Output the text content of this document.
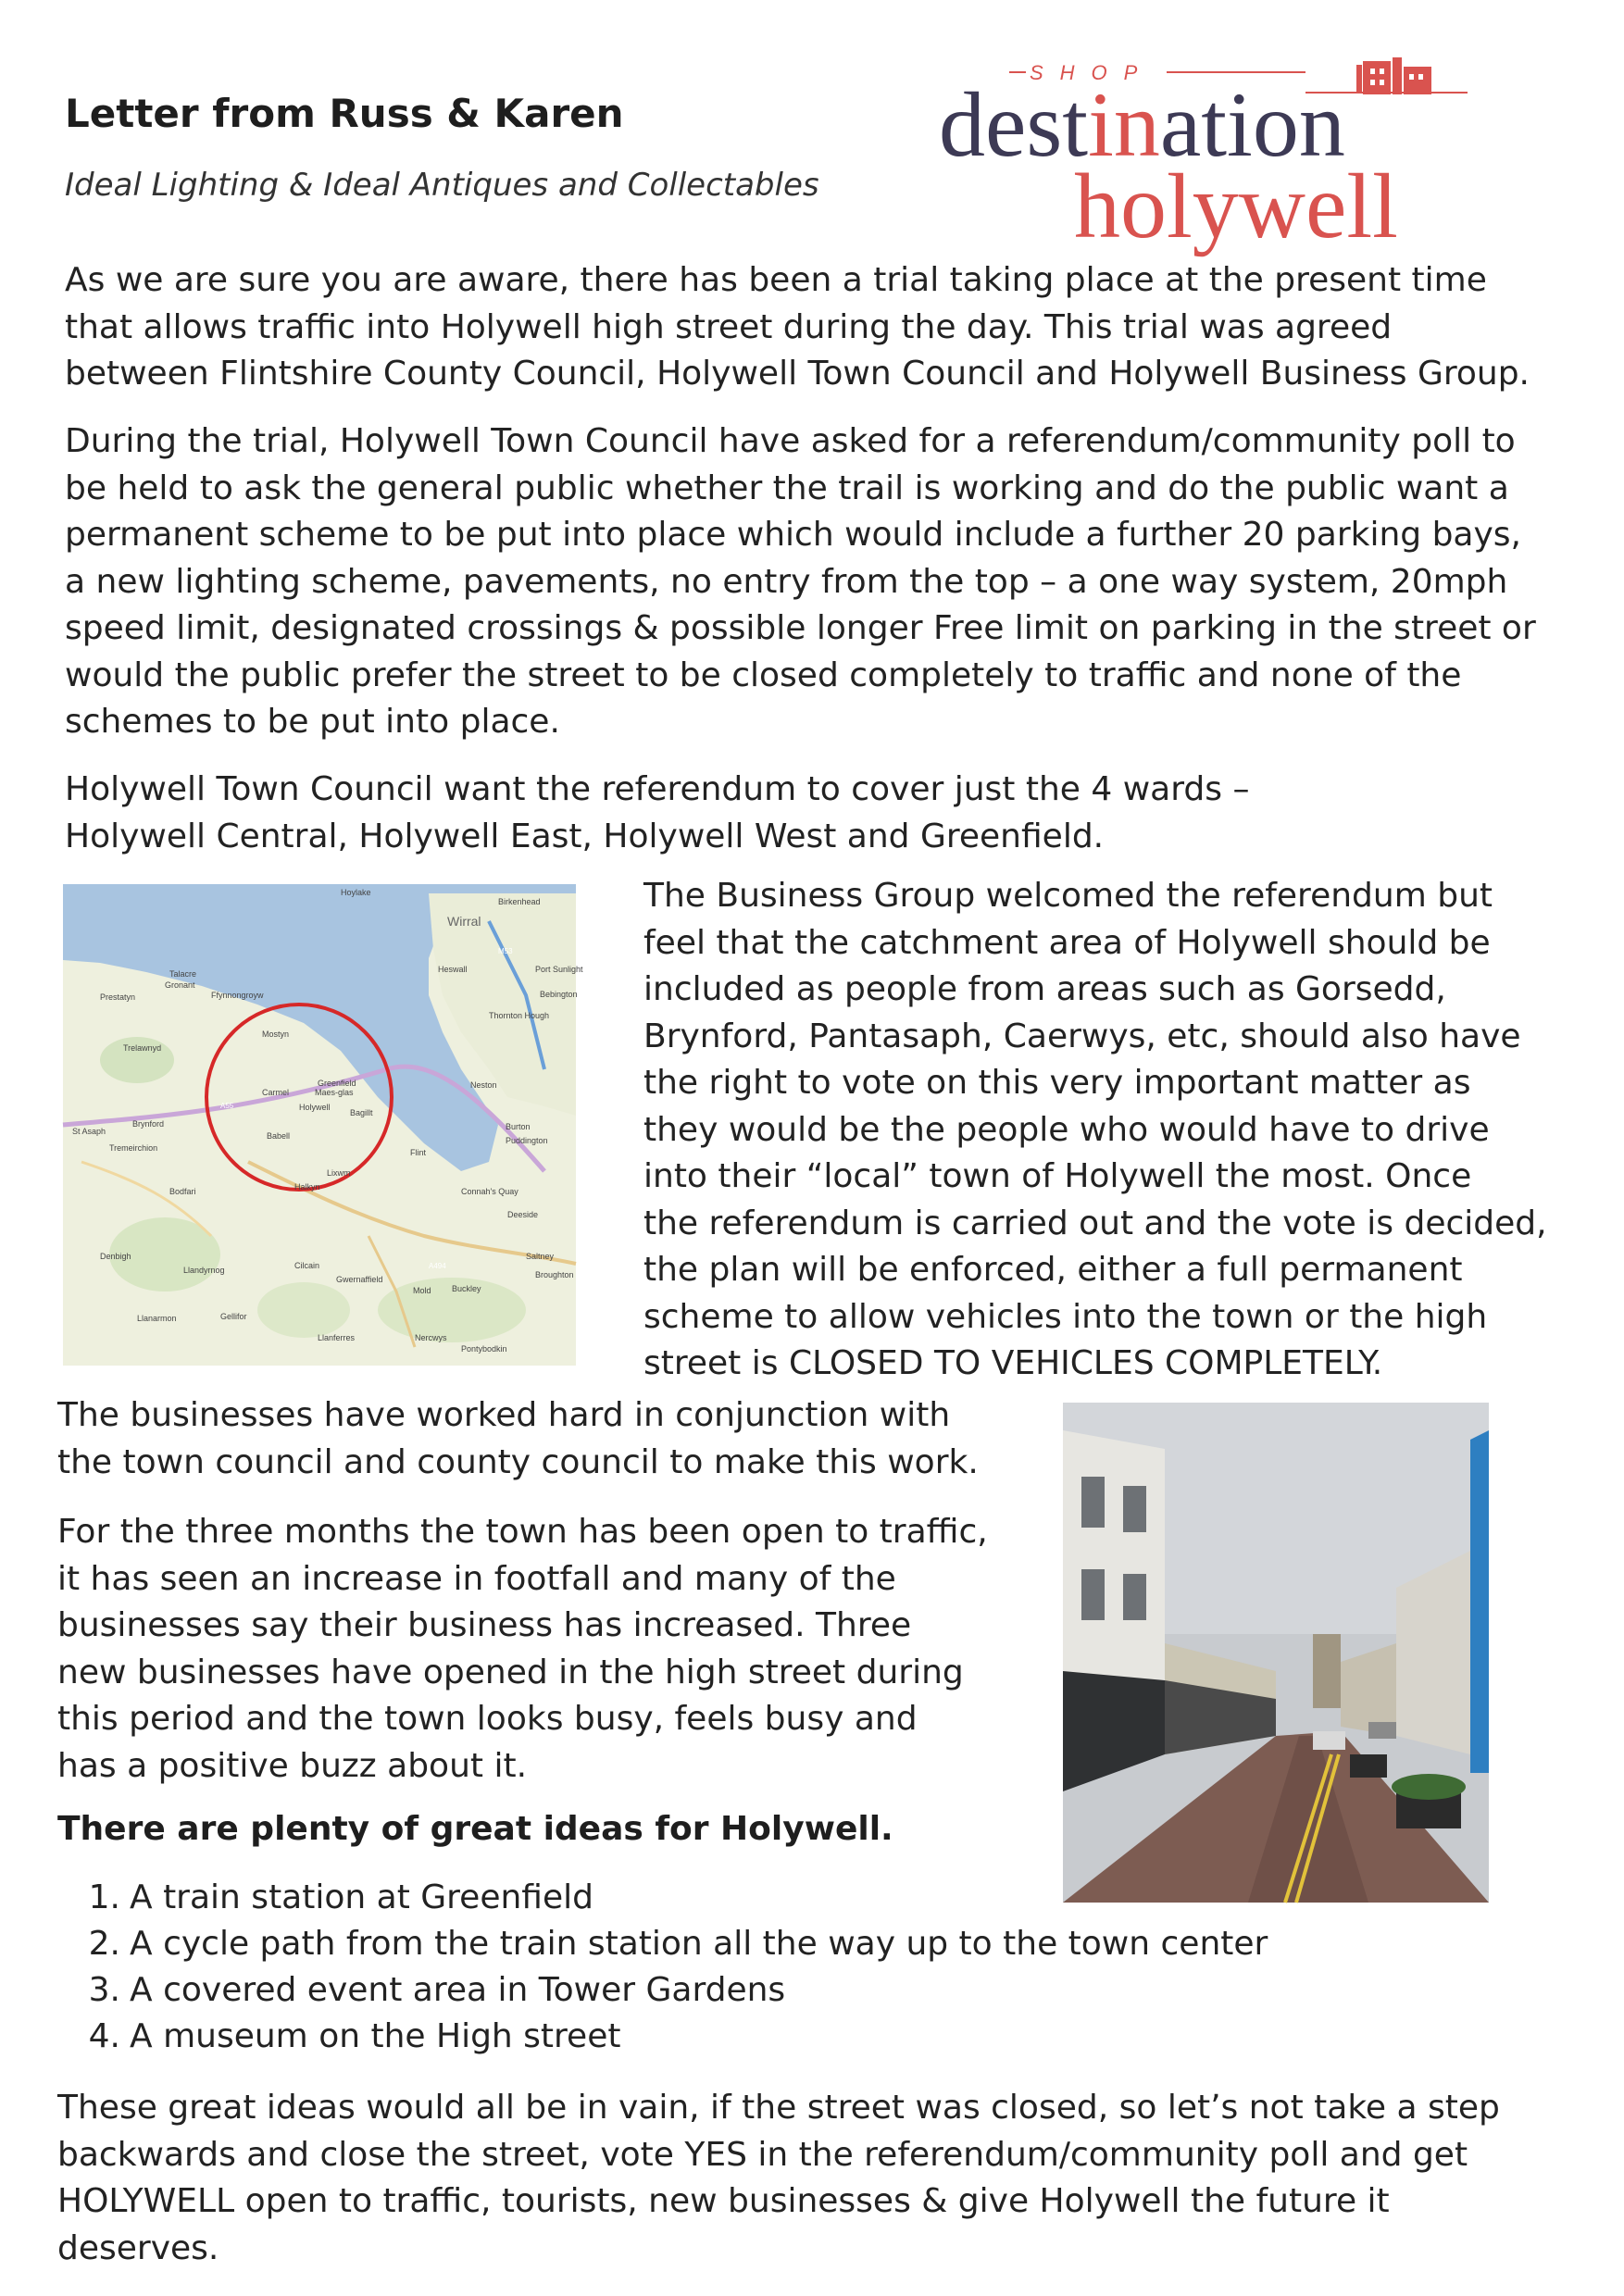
Letter from Russ & Karen
Ideal Lighting & Ideal Antiques and Collectables
SHOP
destination
holywell
As we are sure you are aware, there has been a trial taking place at the present time
that allows traffic into Holywell high street during the day. This trial was agreed
between Flintshire County Council, Holywell Town Council and Holywell Business Group.
During the trial, Holywell Town Council have asked for a referendum/community poll to
be held to ask the general public whether the trail is working and do the public want a
permanent scheme to be put into place which would include a further 20 parking bays,
a new lighting scheme, pavements, no entry from the top – a one way system, 20mph
speed limit, designated crossings & possible longer Free limit on parking in the street or
would the public prefer the street to be closed completely to traffic and none of the
schemes to be put into place.
Holywell Town Council want the referendum to cover just the 4 wards –
Holywell Central, Holywell East, Holywell West and Greenfield.
Hoylake
Wirral
Birkenhead
Talacre
Gronant
Prestatyn	Ffynnongroyw
Heswall	Port Sunlight
Bebington
Thornton Hough
Mostyn
Trelawnyd
Greenfield
Maes-glas
Carmel
Holywell
Bagillt
Neston
St Asaph
Brynford
Babell
Burton
Puddington
Tremeirchion	Flint
Lixwm
Halkyn	Connah's Quay
Deeside
Bodfari
Denbigh
Llandyrnog	Cilcain
Gwernaffield
Mold Buckley
Saltney
Broughton
Llanferres	Nercwys
Pontybodkin
Gellifor
Llanarmon
A55
M53
A494
The Business Group welcomed the referendum but
feel that the catchment area of Holywell should be
included as people from areas such as Gorsedd,
Brynford, Pantasaph, Caerwys, etc, should also have
the right to vote on this very important matter as
they would be the people who would have to drive
into their “local” town of Holywell the most. Once
the referendum is carried out and the vote is decided,
the plan will be enforced, either a full permanent
scheme to allow vehicles into the town or the high
street is CLOSED TO VEHICLES COMPLETELY.
The businesses have worked hard in conjunction with
the town council and county council to make this work.
For the three months the town has been open to traffic,
it has seen an increase in footfall and many of the
businesses say their business has increased. Three
new businesses have opened in the high street during
this period and the town looks busy, feels busy and
has a positive buzz about it.
There are plenty of great ideas for Holywell.
1. A train station at Greenfield
2. A cycle path from the train station all the way up to the town center
3. A covered event area in Tower Gardens
4. A museum on the High street
These great ideas would all be in vain, if the street was closed, so let’s not take a step
backwards and close the street, vote YES in the referendum/community poll and get
HOLYWELL open to traffic, tourists, new businesses & give Holywell the future it
deserves.
